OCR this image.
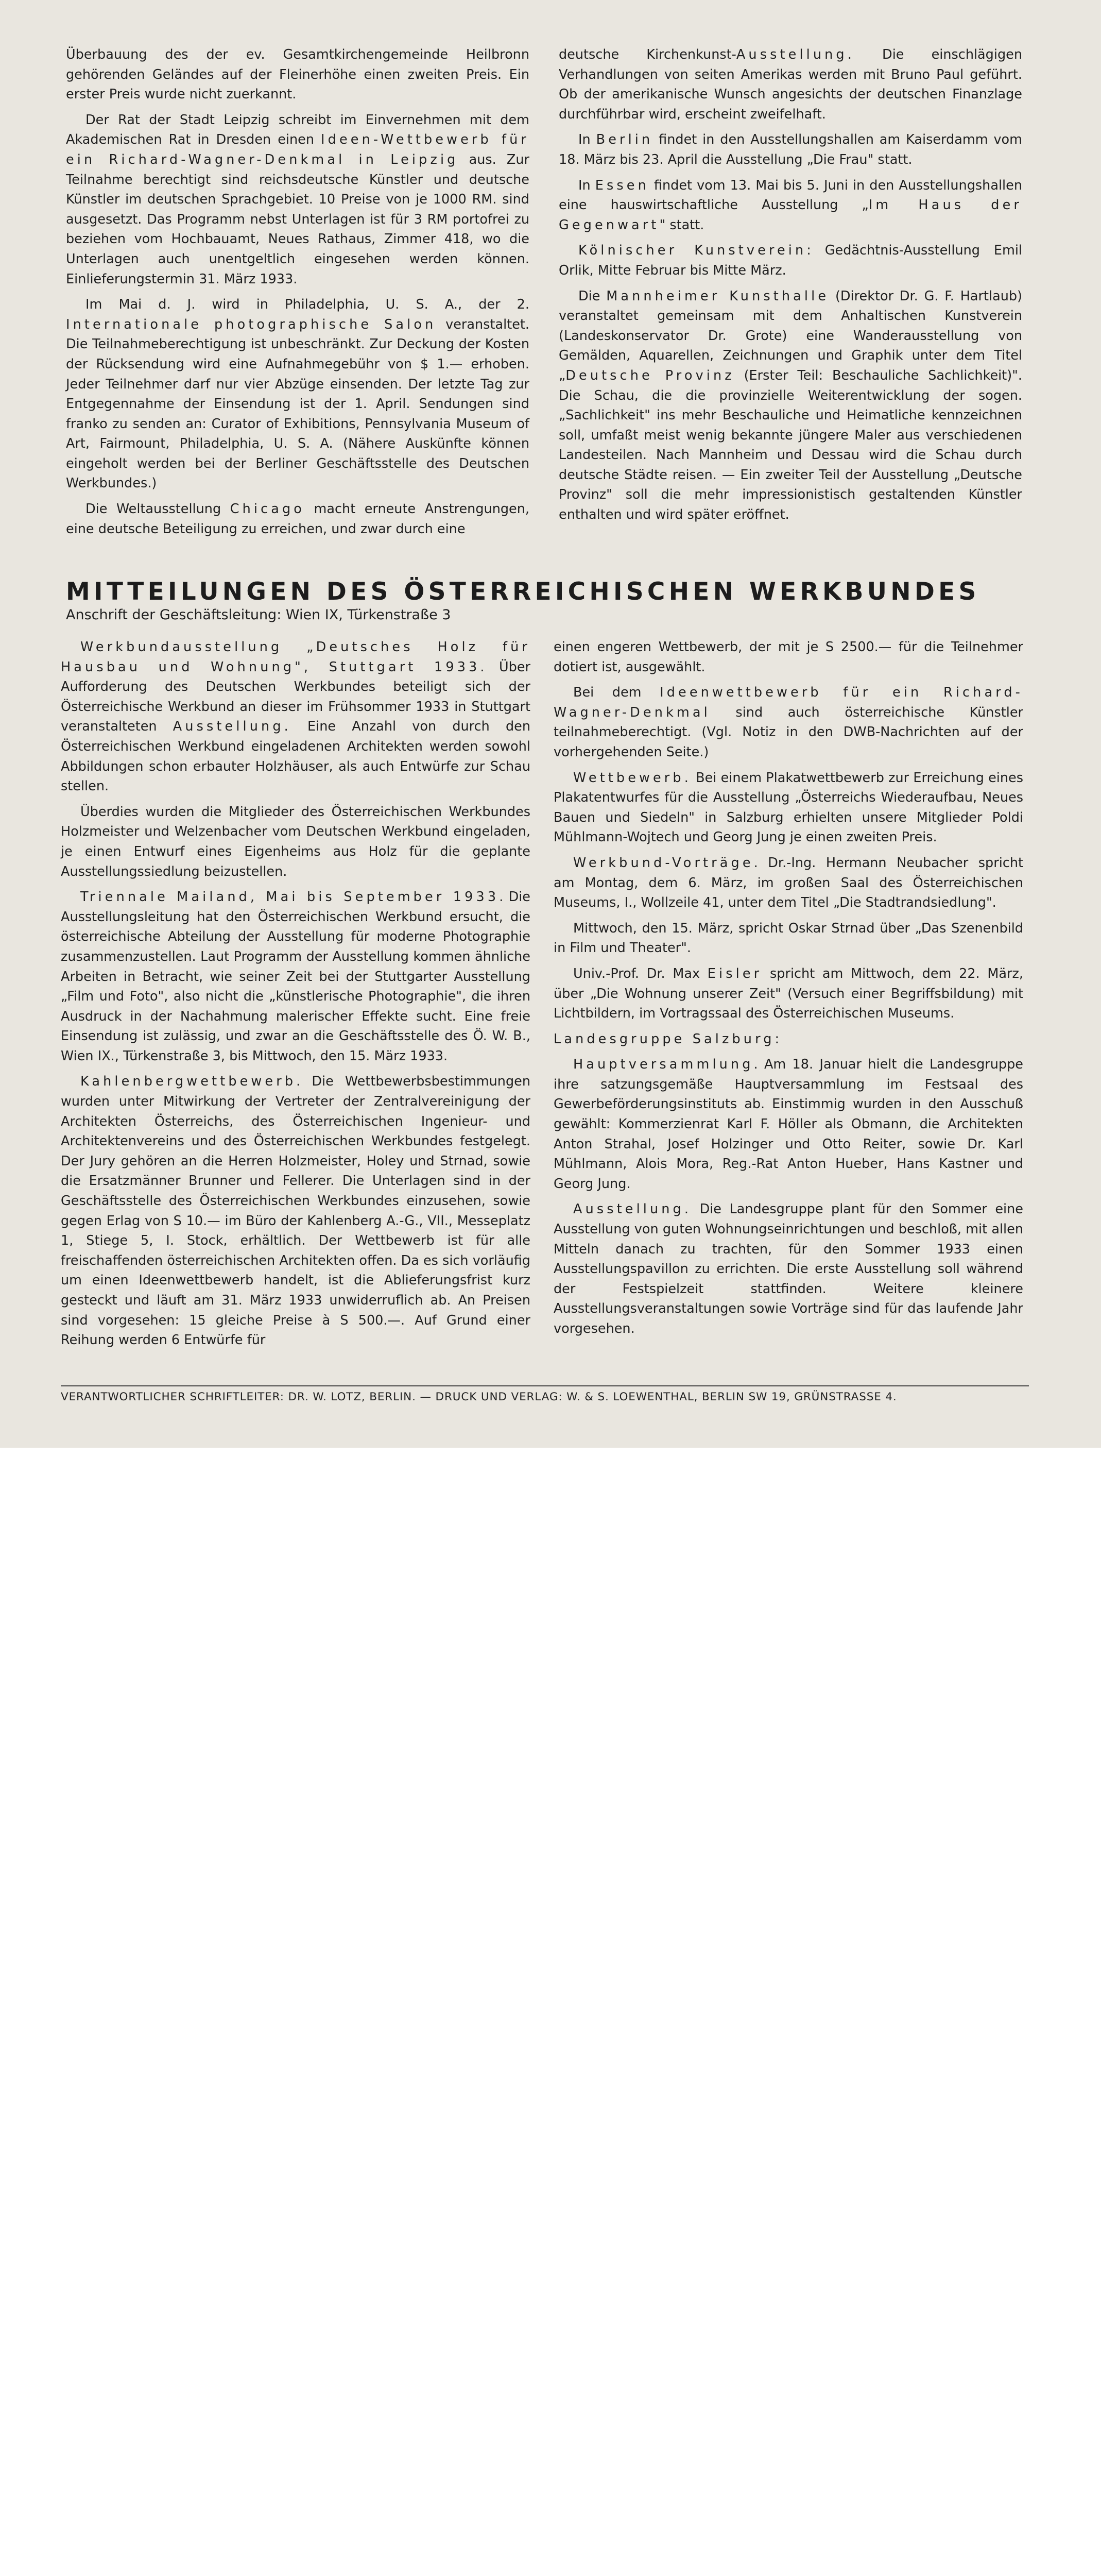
Überbauung des der ev. Gesamtkirchengemeinde Heilbronn gehörenden Geländes auf der Fleinerhöhe einen zweiten Preis. Ein erster Preis wurde nicht zuerkannt.

Der Rat der Stadt Leipzig schreibt im Einvernehmen mit dem Akademischen Rat in Dresden einen Ideen-Wettbewerb für ein Richard-Wagner-Denkmal in Leipzig aus. Zur Teilnahme berechtigt sind reichsdeutsche Künstler und deutsche Künstler im deutschen Sprachgebiet. 10 Preise von je 1000 RM. sind ausgesetzt. Das Programm nebst Unterlagen ist für 3 RM portofrei zu beziehen vom Hochbauamt, Neues Rathaus, Zimmer 418, wo die Unterlagen auch unentgeltlich eingesehen werden können. Einlieferungstermin 31. März 1933.

Im Mai d. J. wird in Philadelphia, U. S. A., der 2. Internationale photographische Salon veranstaltet. Die Teilnahmeberechtigung ist unbeschränkt. Zur Deckung der Kosten der Rücksendung wird eine Aufnahmegebühr von $ 1.— erhoben. Jeder Teilnehmer darf nur vier Abzüge einsenden. Der letzte Tag zur Entgegennahme der Einsendung ist der 1. April. Sendungen sind franko zu senden an: Curator of Exhibitions, Pennsylvania Museum of Art, Fairmount, Philadelphia, U. S. A. (Nähere Auskünfte können eingeholt werden bei der Berliner Geschäftsstelle des Deutschen Werkbundes.)

Die Weltausstellung Chicago macht erneute Anstrengungen, eine deutsche Beteiligung zu erreichen, und zwar durch eine

deutsche Kirchenkunst-Ausstellung. Die einschlägigen Verhandlungen von seiten Amerikas werden mit Bruno Paul geführt. Ob der amerikanische Wunsch angesichts der deutschen Finanzlage durchführbar wird, erscheint zweifelhaft.

In Berlin findet in den Ausstellungshallen am Kaiserdamm vom 18. März bis 23. April die Ausstellung „Die Frau" statt.

In Essen findet vom 13. Mai bis 5. Juni in den Ausstellungshallen eine hauswirtschaftliche Ausstellung „Im Haus der Gegenwart" statt.

Kölnischer Kunstverein: Gedächtnis-Ausstellung Emil Orlik, Mitte Februar bis Mitte März.

Die Mannheimer Kunsthalle (Direktor Dr. G. F. Hartlaub) veranstaltet gemeinsam mit dem Anhaltischen Kunstverein (Landeskonservator Dr. Grote) eine Wanderausstellung von Gemälden, Aquarellen, Zeichnungen und Graphik unter dem Titel „Deutsche Provinz (Erster Teil: Beschauliche Sachlichkeit)". Die Schau, die die provinzielle Weiterentwicklung der sogen. „Sachlichkeit" ins mehr Beschauliche und Heimatliche kennzeichnen soll, umfaßt meist wenig bekannte jüngere Maler aus verschiedenen Landesteilen. Nach Mannheim und Dessau wird die Schau durch deutsche Städte reisen. — Ein zweiter Teil der Ausstellung „Deutsche Provinz" soll die mehr impressionistisch gestaltenden Künstler enthalten und wird später eröffnet.

MITTEILUNGEN DES ÖSTERREICHISCHEN WERKBUNDES
Anschrift der Geschäftsleitung: Wien IX, Türkenstraße 3

Werkbundausstellung „Deutsches Holz für Hausbau und Wohnung", Stuttgart 1933. Über Aufforderung des Deutschen Werkbundes beteiligt sich der Österreichische Werkbund an dieser im Frühsommer 1933 in Stuttgart veranstalteten Ausstellung. Eine Anzahl von durch den Österreichischen Werkbund eingeladenen Architekten werden sowohl Abbildungen schon erbauter Holzhäuser, als auch Entwürfe zur Schau stellen.

Überdies wurden die Mitglieder des Österreichischen Werkbundes Holzmeister und Welzenbacher vom Deutschen Werkbund eingeladen, je einen Entwurf eines Eigenheims aus Holz für die geplante Ausstellungssiedlung beizustellen.

Triennale Mailand, Mai bis September 1933. Die Ausstellungsleitung hat den Österreichischen Werkbund ersucht, die österreichische Abteilung der Ausstellung für moderne Photographie zusammenzustellen. Laut Programm der Ausstellung kommen ähnliche Arbeiten in Betracht, wie seiner Zeit bei der Stuttgarter Ausstellung „Film und Foto", also nicht die „künstlerische Photographie", die ihren Ausdruck in der Nachahmung malerischer Effekte sucht. Eine freie Einsendung ist zulässig, und zwar an die Geschäftsstelle des Ö. W. B., Wien IX., Türkenstraße 3, bis Mittwoch, den 15. März 1933.

Kahlenbergwettbewerb. Die Wettbewerbsbestimmungen wurden unter Mitwirkung der Vertreter der Zentralvereinigung der Architekten Österreichs, des Österreichischen Ingenieur- und Architektenvereins und des Österreichischen Werkbundes festgelegt. Der Jury gehören an die Herren Holzmeister, Holey und Strnad, sowie die Ersatzmänner Brunner und Fellerer. Die Unterlagen sind in der Geschäftsstelle des Österreichischen Werkbundes einzusehen, sowie gegen Erlag von S 10.— im Büro der Kahlenberg A.-G., VII., Messeplatz 1, Stiege 5, I. Stock, erhältlich. Der Wettbewerb ist für alle freischaffenden österreichischen Architekten offen. Da es sich vorläufig um einen Ideenwettbewerb handelt, ist die Ablieferungsfrist kurz gesteckt und läuft am 31. März 1933 unwiderruflich ab. An Preisen sind vorgesehen: 15 gleiche Preise à S 500.—. Auf Grund einer Reihung werden 6 Entwürfe für

einen engeren Wettbewerb, der mit je S 2500.— für die Teilnehmer dotiert ist, ausgewählt.

Bei dem Ideenwettbewerb für ein Richard-Wagner-Denkmal sind auch österreichische Künstler teilnahmeberechtigt. (Vgl. Notiz in den DWB-Nachrichten auf der vorhergehenden Seite.)

Wettbewerb. Bei einem Plakatwettbewerb zur Erreichung eines Plakatentwurfes für die Ausstellung „Österreichs Wiederaufbau, Neues Bauen und Siedeln" in Salzburg erhielten unsere Mitglieder Poldi Mühlmann-Wojtech und Georg Jung je einen zweiten Preis.

Werkbund-Vorträge. Dr.-Ing. Hermann Neubacher spricht am Montag, dem 6. März, im großen Saal des Österreichischen Museums, I., Wollzeile 41, unter dem Titel „Die Stadtrandsiedlung".

Mittwoch, den 15. März, spricht Oskar Strnad über „Das Szenenbild in Film und Theater".

Univ.-Prof. Dr. Max Eisler spricht am Mittwoch, dem 22. März, über „Die Wohnung unserer Zeit" (Versuch einer Begriffsbildung) mit Lichtbildern, im Vortragssaal des Österreichischen Museums.

Landesgruppe Salzburg:

Hauptversammlung. Am 18. Januar hielt die Landesgruppe ihre satzungsgemäße Hauptversammlung im Festsaal des Gewerbeförderungsinstituts ab. Einstimmig wurden in den Ausschuß gewählt: Kommerzienrat Karl F. Höller als Obmann, die Architekten Anton Strahal, Josef Holzinger und Otto Reiter, sowie Dr. Karl Mühlmann, Alois Mora, Reg.-Rat Anton Hueber, Hans Kastner und Georg Jung.

Ausstellung. Die Landesgruppe plant für den Sommer eine Ausstellung von guten Wohnungseinrichtungen und beschloß, mit allen Mitteln danach zu trachten, für den Sommer 1933 einen Ausstellungspavillon zu errichten. Die erste Ausstellung soll während der Festspielzeit stattfinden. Weitere kleinere Ausstellungsveranstaltungen sowie Vorträge sind für das laufende Jahr vorgesehen.

VERANTWORTLICHER SCHRIFTLEITER: DR. W. LOTZ, BERLIN. — DRUCK UND VERLAG: W. & S. LOEWENTHAL, BERLIN SW 19, GRÜNSTRASSE 4.
